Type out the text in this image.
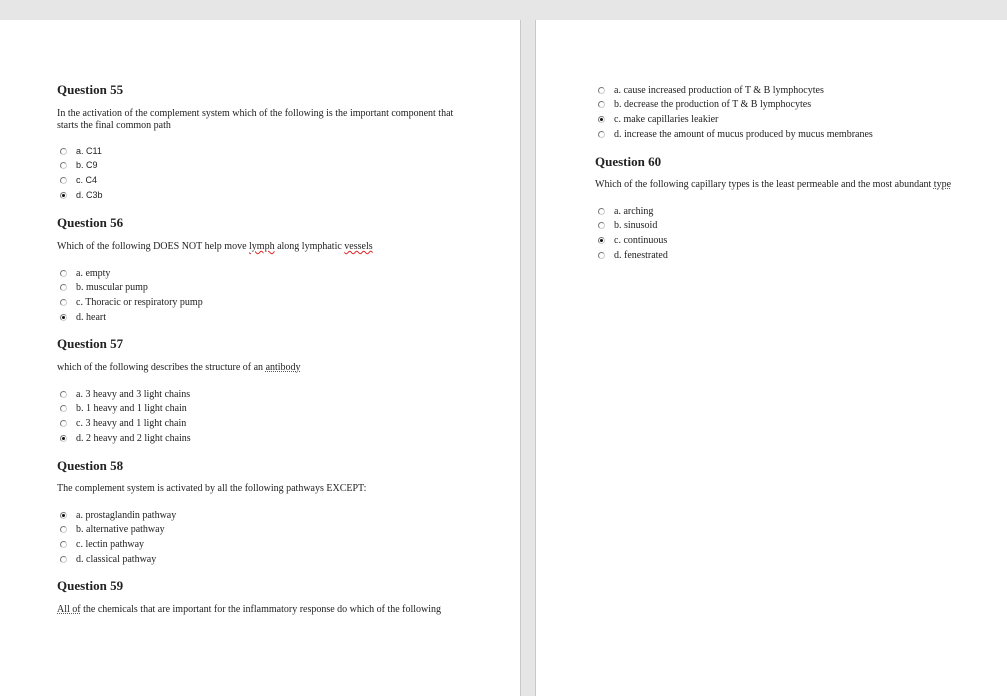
Question 55

In the activation of the complement system which of the following is the important component that starts the final common path

a. C11
b. C9
c. C4
d. C3b
Question 56

Which of the following DOES NOT help move lymph along lymphatic vessels

a. empty
b. muscular pump
c. Thoracic or respiratory pump
d. heart
Question 57

which of the following describes the structure of an antibody

a. 3 heavy and 3 light chains
b. 1 heavy and 1 light chain
c. 3 heavy and 1 light chain
d. 2 heavy and 2 light chains
Question 58

The complement system is activated by all the following pathways EXCEPT:

a. prostaglandin pathway
b. alternative pathway
c. lectin pathway
d. classical pathway
Question 59

All of the chemicals that are important for the inflammatory response do which of the following

a. cause increased production of T & B lymphocytes
b. decrease the production of T & B lymphocytes
c. make capillaries leakier
d. increase the amount of mucus produced by mucus membranes
Question 60

Which of the following capillary types is the least permeable and the most abundant type

a. arching
b. sinusoid
c. continuous
d. fenestrated
